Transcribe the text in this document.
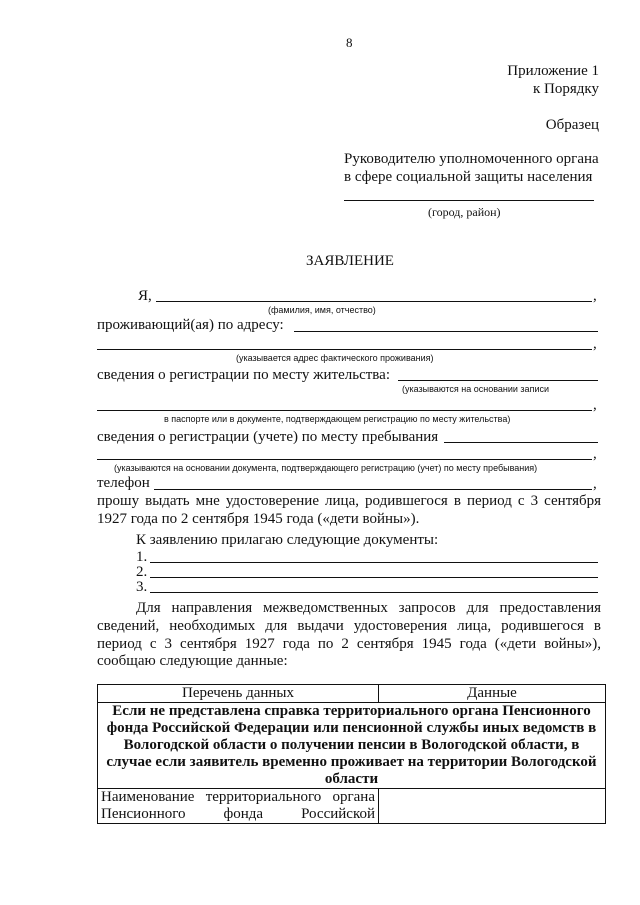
8
Приложение 1
к Порядку
Образец
Руководителю уполномоченного органа
в сфере социальной защиты населения
(город, район)
ЗАЯВЛЕНИЕ
Я,	,
(фамилия, имя, отчество)
проживающий(ая) по адресу:
,
(указывается адрес фактического проживания)
сведения о регистрации по месту жительства:
(указываются на основании записи
,
в паспорте или в документе, подтверждающем регистрацию по месту жительства)
сведения о регистрации (учете) по месту пребывания
,
(указываются на основании документа, подтверждающего регистрацию (учет) по месту пребывания)
телефон	,
прошу выдать мне удостоверение лица, родившегося в период с 3 сентября
1927 года по 2 сентября 1945 года («дети войны»).
К заявлению прилагаю следующие документы:
1.
2.
3.
Для направления межведомственных запросов для предоставления
сведений, необходимых для выдачи удостоверения лица, родившегося в
период с 3 сентября 1927 года по 2 сентября 1945 года («дети войны»),
сообщаю следующие данные:
Перечень данных	Данные
Если не представлена справка территориального органа Пенсионного фонда Российской Федерации или пенсионной службы иных ведомств в Вологодской области о получении пенсии в Вологодской области, в случае если заявитель временно проживает на территории Вологодской области	
Наименование территориального органа Пенсионного фонда Российской	
